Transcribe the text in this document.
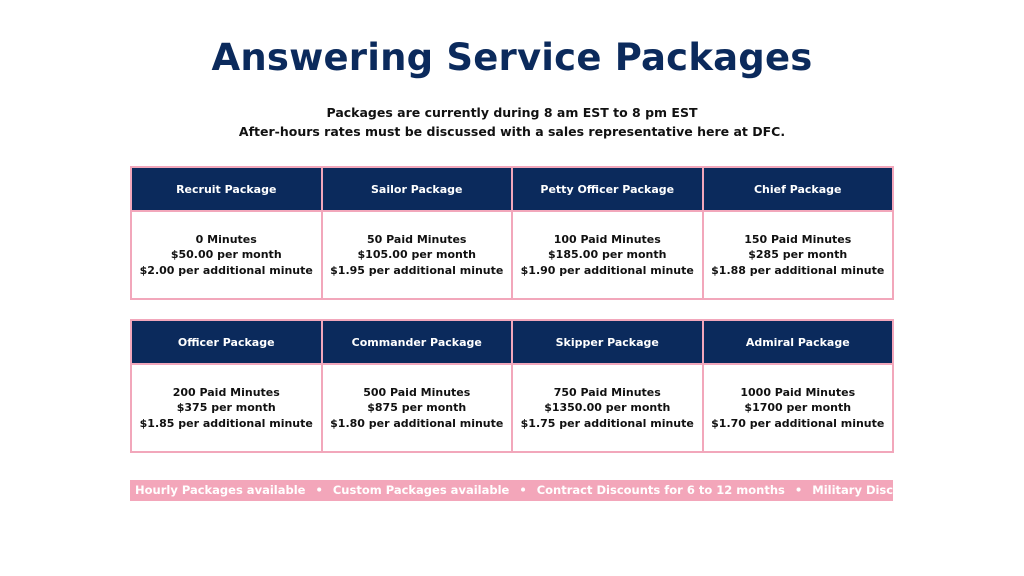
Answering Service Packages
Packages are currently during 8 am EST to 8 pm EST
After-hours rates must be discussed with a sales representative here at DFC.
Recruit Package	Sailor Package	Petty Officer Package	Chief Package

0 Minutes
$50.00 per month
$2.00 per additional minute	50 Paid Minutes
$105.00 per month
$1.95 per additional minute	100 Paid Minutes
$185.00 per month
$1.90 per additional minute	150 Paid Minutes
$285 per month
$1.88 per additional minute
Officer Package	Commander Package	Skipper Package	Admiral Package

200 Paid Minutes
$375 per month
$1.85 per additional minute	500 Paid Minutes
$875 per month
$1.80 per additional minute	750 Paid Minutes
$1350.00 per month
$1.75 per additional minute	1000 Paid Minutes
$1700 per month
$1.70 per additional minute
Hourly Packages available • Custom Packages available • Contract Discounts for 6 to 12 months • Military Discount
